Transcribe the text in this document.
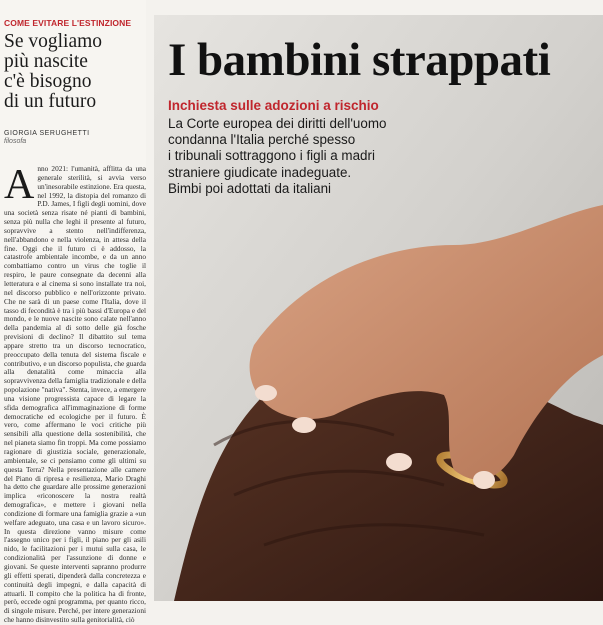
COME EVITARE L'ESTINZIONE
Se vogliamo
più nascite
c'è bisogno
di un futuro
GIORGIA SERUGHETTI
filosofa
A nno 2021: l'umanità, afflitta da una generale sterilità, si avvia verso un'inesorabile estinzione. Era questa, nel 1992, la distopia del romanzo di P.D. James, I figli degli uomini, dove una società senza risate né pianti di bambini, senza più nulla che leghi il presente al futuro, sopravvive a stento nell'indifferenza, nell'abbandono e nella violenza, in attesa della fine. Oggi che il futuro ci è addosso, la catastrofe ambientale incombe, e da un anno combattiamo contro un virus che toglie il respiro, le paure consegnate da decenni alla letteratura e al cinema si sono installate tra noi, nel discorso pubblico e nell'orizzonte privato. Che ne sarà di un paese come l'Italia, dove il tasso di fecondità è tra i più bassi d'Europa e del mondo, e le nuove nascite sono calate nell'anno della pandemia al di sotto delle già fosche previsioni di declino? Il dibattito sul tema appare stretto tra un discorso tecnocratico, preoccupato della tenuta del sistema fiscale e contributivo, e un discorso populista, che guarda alla denatalità come minaccia alla sopravvivenza della famiglia tradizionale e della popolazione "nativa". Stenta, invece, a emergere una visione progressista capace di legare la sfida demografica all'immaginazione di forme democratiche ed ecologiche per il futuro. È vero, come affermano le voci critiche più sensibili alla questione della sostenibilità, che nel pianeta siamo fin troppi. Ma come possiamo ragionare di giustizia sociale, generazionale, ambientale, se ci pensiamo come gli ultimi su questa Terra? Nella presentazione alle camere del Piano di ripresa e resilienza, Mario Draghi ha detto che guardare alle prossime generazioni implica «riconoscere la nostra realtà demografica», e mettere i giovani nella condizione di formare una famiglia grazie a «un welfare adeguato, una casa e un lavoro sicuro». In questa direzione vanno misure come l'assegno unico per i figli, il piano per gli asili nido, le facilitazioni per i mutui sulla casa, le condizionalità per l'assunzione di donne e giovani. Se queste interventi sapranno produrre gli effetti sperati, dipenderà dalla concretezza e continuità degli impegni, e dalla capacità di attuarli. Il compito che la politica ha di fronte, però, eccede ogni programma, per quanto ricco, di singole misure. Perché, per intere generazioni che hanno disinvestito sulla genitorialità, ciò

I bambini strappati
Inchiesta sulle adozioni a rischio
La Corte europea dei diritti dell'uomo
condanna l'Italia perché spesso
i tribunali sottraggono i figli a madri
straniere giudicate inadeguate.
Bimbi poi adottati da italiani
